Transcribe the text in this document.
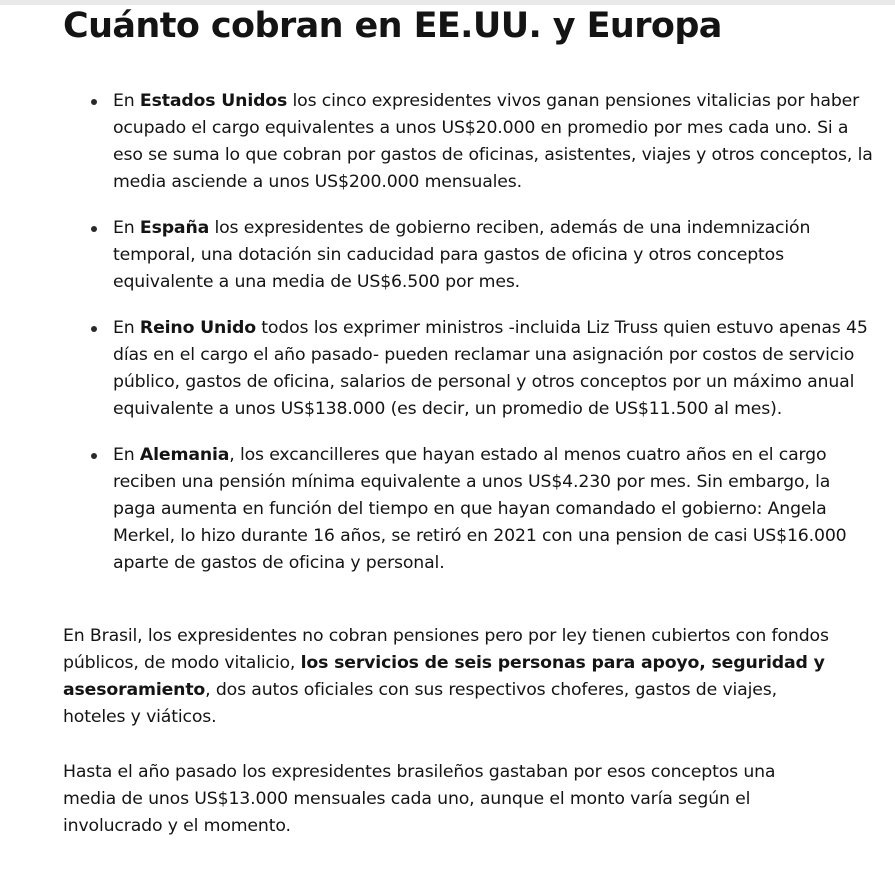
Cuánto cobran en EE.UU. y Europa
En Estados Unidos los cinco expresidentes vivos ganan pensiones vitalicias por haber ocupado el cargo equivalentes a unos US$20.000 en promedio por mes cada uno. Si a eso se suma lo que cobran por gastos de oficinas, asistentes, viajes y otros conceptos, la media asciende a unos US$200.000 mensuales.
En España los expresidentes de gobierno reciben, además de una indemnización temporal, una dotación sin caducidad para gastos de oficina y otros conceptos equivalente a una media de US$6.500 por mes.
En Reino Unido todos los exprimer ministros -incluida Liz Truss quien estuvo apenas 45 días en el cargo el año pasado- pueden reclamar una asignación por costos de servicio público, gastos de oficina, salarios de personal y otros conceptos por un máximo anual equivalente a unos US$138.000 (es decir, un promedio de US$11.500 al mes).
En Alemania, los excancilleres que hayan estado al menos cuatro años en el cargo reciben una pensión mínima equivalente a unos US$4.230 por mes. Sin embargo, la paga aumenta en función del tiempo en que hayan comandado el gobierno: Angela Merkel, lo hizo durante 16 años, se retiró en 2021 con una pension de casi US$16.000 aparte de gastos de oficina y personal.

En Brasil, los expresidentes no cobran pensiones pero por ley tienen cubiertos con fondos públicos, de modo vitalicio, los servicios de seis personas para apoyo, seguridad y asesoramiento, dos autos oficiales con sus respectivos choferes, gastos de viajes, hoteles y viáticos.

Hasta el año pasado los expresidentes brasileños gastaban por esos conceptos una media de unos US$13.000 mensuales cada uno, aunque el monto varía según el involucrado y el momento.
